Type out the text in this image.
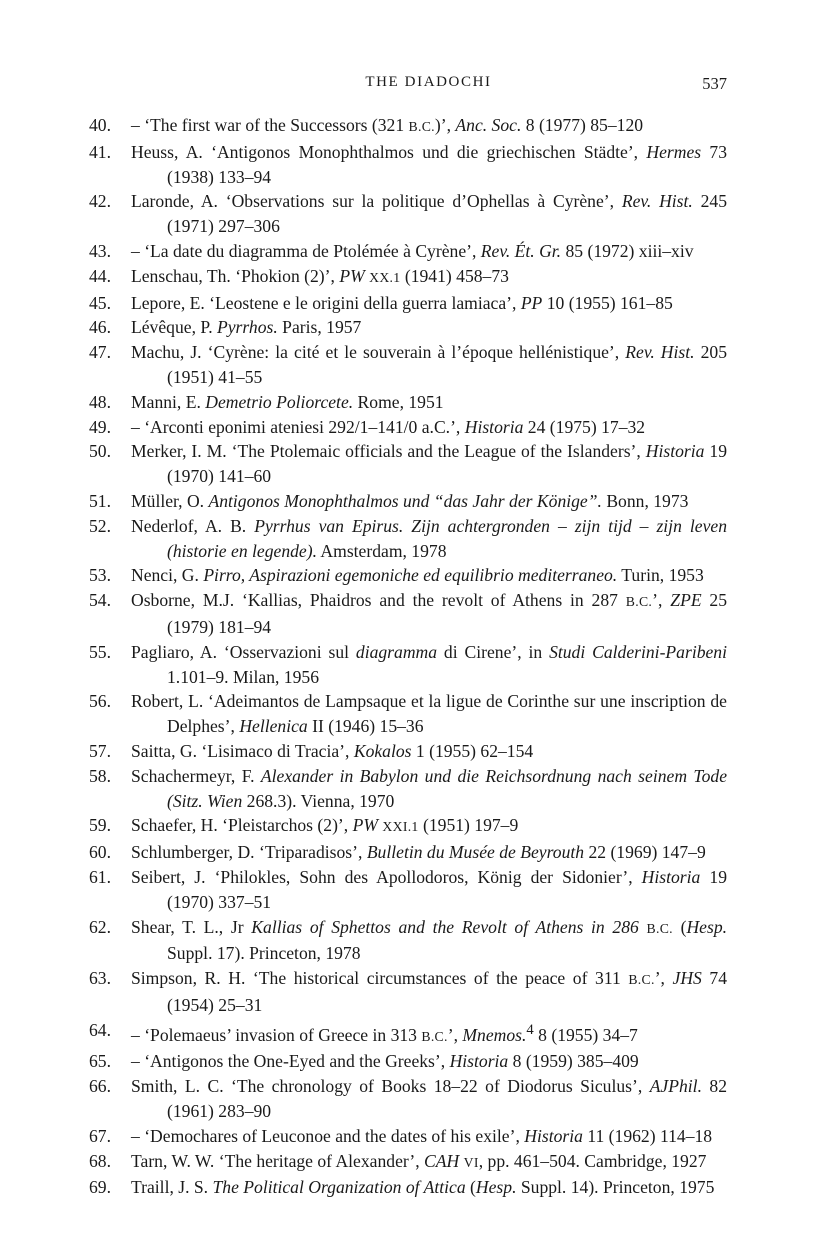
THE DIADOCHI	537
40. – ‘The first war of the Successors (321 B.C.)’, Anc. Soc. 8 (1977) 85–120
41. Heuss, A. ‘Antigonos Monophthalmos und die griechischen Städte’, Hermes 73 (1938) 133–94
42. Laronde, A. ‘Observations sur la politique d’Ophellas à Cyrène’, Rev. Hist. 245 (1971) 297–306
43. – ‘La date du diagramma de Ptolémée à Cyrène’, Rev. Ét. Gr. 85 (1972) xiii–xiv
44. Lenschau, Th. ‘Phokion (2)’, PW XX.1 (1941) 458–73
45. Lepore, E. ‘Leostene e le origini della guerra lamiaca’, PP 10 (1955) 161–85
46. Lévêque, P. Pyrrhos. Paris, 1957
47. Machu, J. ‘Cyrène: la cité et le souverain à l’époque hellénistique’, Rev. Hist. 205 (1951) 41–55
48. Manni, E. Demetrio Poliorcete. Rome, 1951
49. – ‘Arconti eponimi ateniesi 292/1–141/0 a.C.’, Historia 24 (1975) 17–32
50. Merker, I. M. ‘The Ptolemaic officials and the League of the Islanders’, Historia 19 (1970) 141–60
51. Müller, O. Antigonos Monophthalmos und “das Jahr der Könige”. Bonn, 1973
52. Nederlof, A. B. Pyrrhus van Epirus. Zijn achtergronden – zijn tijd – zijn leven (historie en legende). Amsterdam, 1978
53. Nenci, G. Pirro, Aspirazioni egemoniche ed equilibrio mediterraneo. Turin, 1953
54. Osborne, M.J. ‘Kallias, Phaidros and the revolt of Athens in 287 B.C.’, ZPE 25 (1979) 181–94
55. Pagliaro, A. ‘Osservazioni sul diagramma di Cirene’, in Studi Calderini-Paribeni 1.101–9. Milan, 1956
56. Robert, L. ‘Adeimantos de Lampsaque et la ligue de Corinthe sur une inscription de Delphes’, Hellenica II (1946) 15–36
57. Saitta, G. ‘Lisimaco di Tracia’, Kokalos 1 (1955) 62–154
58. Schachermeyr, F. Alexander in Babylon und die Reichsordnung nach seinem Tode (Sitz. Wien 268.3). Vienna, 1970
59. Schaefer, H. ‘Pleistarchos (2)’, PW XXI.1 (1951) 197–9
60. Schlumberger, D. ‘Triparadisos’, Bulletin du Musée de Beyrouth 22 (1969) 147–9
61. Seibert, J. ‘Philokles, Sohn des Apollodoros, König der Sidonier’, Historia 19 (1970) 337–51
62. Shear, T. L., Jr Kallias of Sphettos and the Revolt of Athens in 286 B.C. (Hesp. Suppl. 17). Princeton, 1978
63. Simpson, R. H. ‘The historical circumstances of the peace of 311 B.C.’, JHS 74 (1954) 25–31
64. – ‘Polemaeus’ invasion of Greece in 313 B.C.’, Mnemos.$^4$ 8 (1955) 34–7
65. – ‘Antigonos the One-Eyed and the Greeks’, Historia 8 (1959) 385–409
66. Smith, L. C. ‘The chronology of Books 18–22 of Diodorus Siculus’, AJPhil. 82 (1961) 283–90
67. – ‘Demochares of Leuconoe and the dates of his exile’, Historia 11 (1962) 114–18
68. Tarn, W. W. ‘The heritage of Alexander’, CAH VI, pp. 461–504. Cambridge, 1927
69. Traill, J. S. The Political Organization of Attica (Hesp. Suppl. 14). Princeton, 1975
